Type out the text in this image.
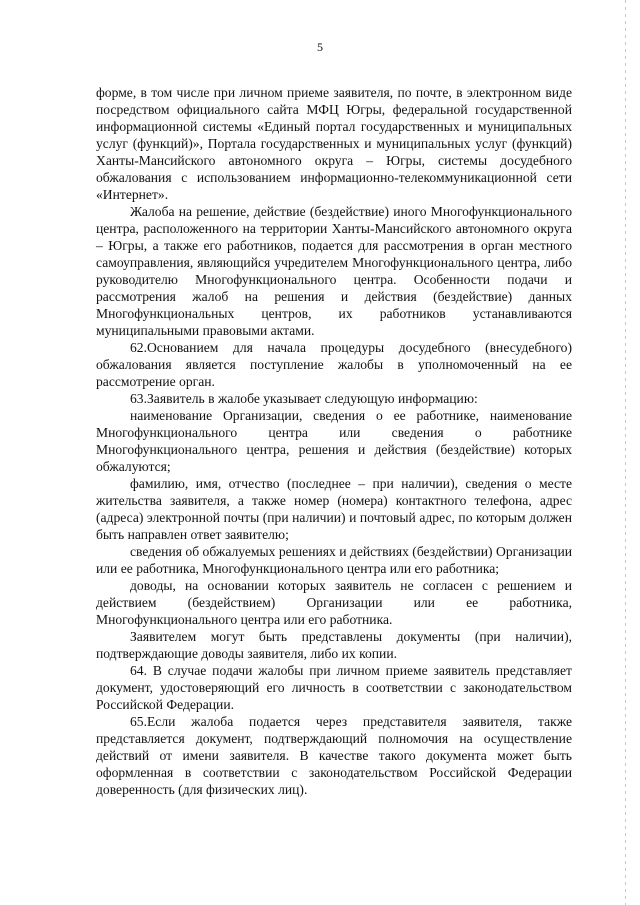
5

форме, в том числе при личном приеме заявителя, по почте, в электронном виде посредством официального сайта МФЦ Югры, федеральной государственной информационной системы «Единый портал государственных и муниципальных услуг (функций)», Портала государственных и муниципальных услуг (функций) Ханты-Мансийского автономного округа – Югры, системы досудебного обжалования с использованием информационно-телекоммуникационной сети «Интернет».

Жалоба на решение, действие (бездействие) иного Многофункционального центра, расположенного на территории Ханты-Мансийского автономного округа – Югры, а также его работников, подается для рассмотрения в орган местного самоуправления, являющийся учредителем Многофункционального центра, либо руководителю Многофункционального центра. Особенности подачи и рассмотрения жалоб на решения и действия (бездействие) данных Многофункциональных центров, их работников устанавливаются муниципальными правовыми актами.

62.Основанием для начала процедуры досудебного (внесудебного) обжалования является поступление жалобы в уполномоченный на ее рассмотрение орган.

63.Заявитель в жалобе указывает следующую информацию:

наименование Организации, сведения о ее работнике, наименование Многофункционального центра или сведения о работнике Многофункционального центра, решения и действия (бездействие) которых обжалуются;

фамилию, имя, отчество (последнее – при наличии), сведения о месте жительства заявителя, а также номер (номера) контактного телефона, адрес (адреса) электронной почты (при наличии) и почтовый адрес, по которым должен быть направлен ответ заявителю;

сведения об обжалуемых решениях и действиях (бездействии) Организации или ее работника, Многофункционального центра или его работника;

доводы, на основании которых заявитель не согласен с решением и действием (бездействием) Организации или ее работника, Многофункционального центра или его работника.

Заявителем могут быть представлены документы (при наличии), подтверждающие доводы заявителя, либо их копии.

64. В случае подачи жалобы при личном приеме заявитель представляет документ, удостоверяющий его личность в соответствии с законодательством Российской Федерации.

65.Если жалоба подается через представителя заявителя, также представляется документ, подтверждающий полномочия на осуществление действий от имени заявителя. В качестве такого документа может быть оформленная в соответствии с законодательством Российской Федерации доверенность (для физических лиц).
